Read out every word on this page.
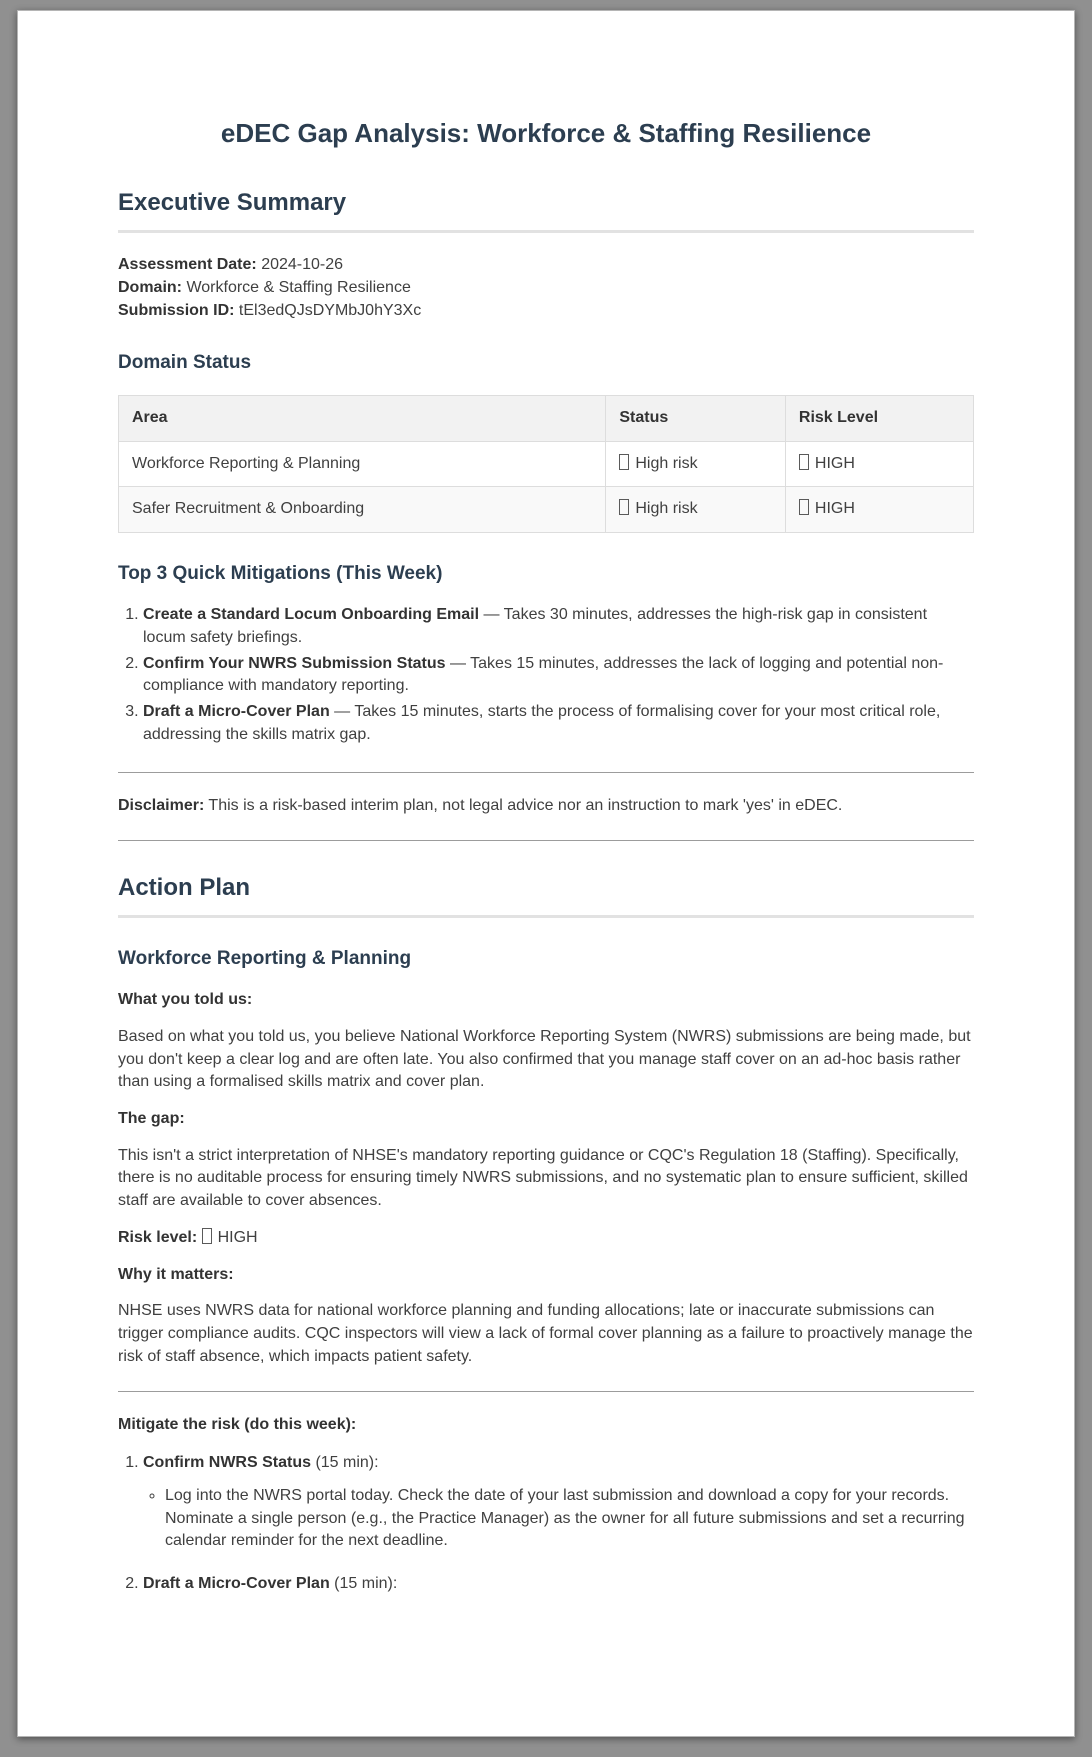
eDEC Gap Analysis: Workforce & Staffing Resilience
Executive Summary
Assessment Date: 2024-10-26
Domain: Workforce & Staffing Resilience
Submission ID: tEl3edQJsDYMbJ0hY3Xc
Domain Status
Area	Status	Risk Level
Workforce Reporting & Planning	High risk	HIGH
Safer Recruitment & Onboarding	High risk	HIGH
Top 3 Quick Mitigations (This Week)
1. Create a Standard Locum Onboarding Email — Takes 30 minutes, addresses the high-risk gap in consistent locum safety briefings.
2. Confirm Your NWRS Submission Status — Takes 15 minutes, addresses the lack of logging and potential non-compliance with mandatory reporting.
3. Draft a Micro-Cover Plan — Takes 15 minutes, starts the process of formalising cover for your most critical role, addressing the skills matrix gap.

Disclaimer: This is a risk-based interim plan, not legal advice nor an instruction to mark 'yes' in eDEC.

Action Plan
Workforce Reporting & Planning

What you told us:

Based on what you told us, you believe National Workforce Reporting System (NWRS) submissions are being made, but you don't keep a clear log and are often late. You also confirmed that you manage staff cover on an ad-hoc basis rather than using a formalised skills matrix and cover plan.

The gap:

This isn't a strict interpretation of NHSE's mandatory reporting guidance or CQC's Regulation 18 (Staffing). Specifically, there is no auditable process for ensuring timely NWRS submissions, and no systematic plan to ensure sufficient, skilled staff are available to cover absences.

Risk level: HIGH

Why it matters:

NHSE uses NWRS data for national workforce planning and funding allocations; late or inaccurate submissions can trigger compliance audits. CQC inspectors will view a lack of formal cover planning as a failure to proactively manage the risk of staff absence, which impacts patient safety.

Mitigate the risk (do this week):

1. Confirm NWRS Status (15 min):
◦ Log into the NWRS portal today. Check the date of your last submission and download a copy for your records. Nominate a single person (e.g., the Practice Manager) as the owner for all future submissions and set a recurring calendar reminder for the next deadline.
2. Draft a Micro-Cover Plan (15 min):
